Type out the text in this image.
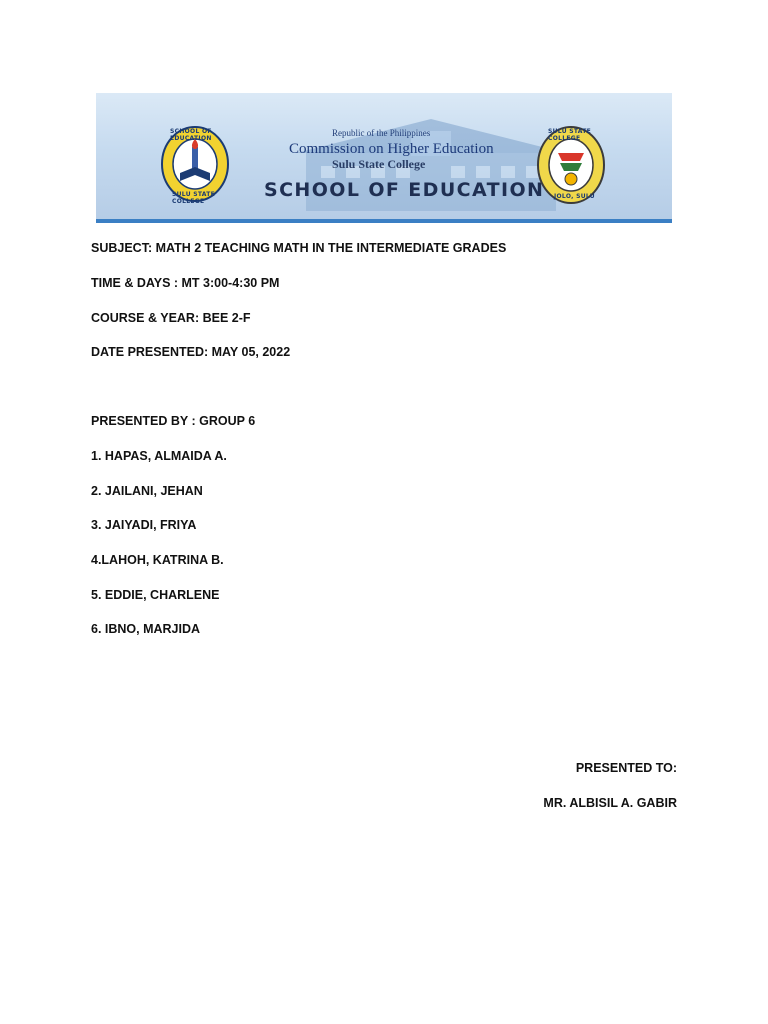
SCHOOL OF EDUCATION
SULU STATE COLLEGE
Republic of the Philippines
Commission on Higher Education
Sulu State College
SCHOOL OF EDUCATION
SULU STATE COLLEGE
JOLO, SULU
SUBJECT: MATH 2 TEACHING MATH IN THE INTERMEDIATE GRADES
TIME & DAYS : MT 3:00-4:30 PM
COURSE & YEAR: BEE 2-F
DATE PRESENTED: MAY 05, 2022
PRESENTED BY : GROUP 6
1. HAPAS, ALMAIDA A.
2. JAILANI, JEHAN
3. JAIYADI, FRIYA
4.LAHOH, KATRINA B.
5. EDDIE, CHARLENE
6. IBNO, MARJIDA
PRESENTED TO:
MR. ALBISIL A. GABIR
